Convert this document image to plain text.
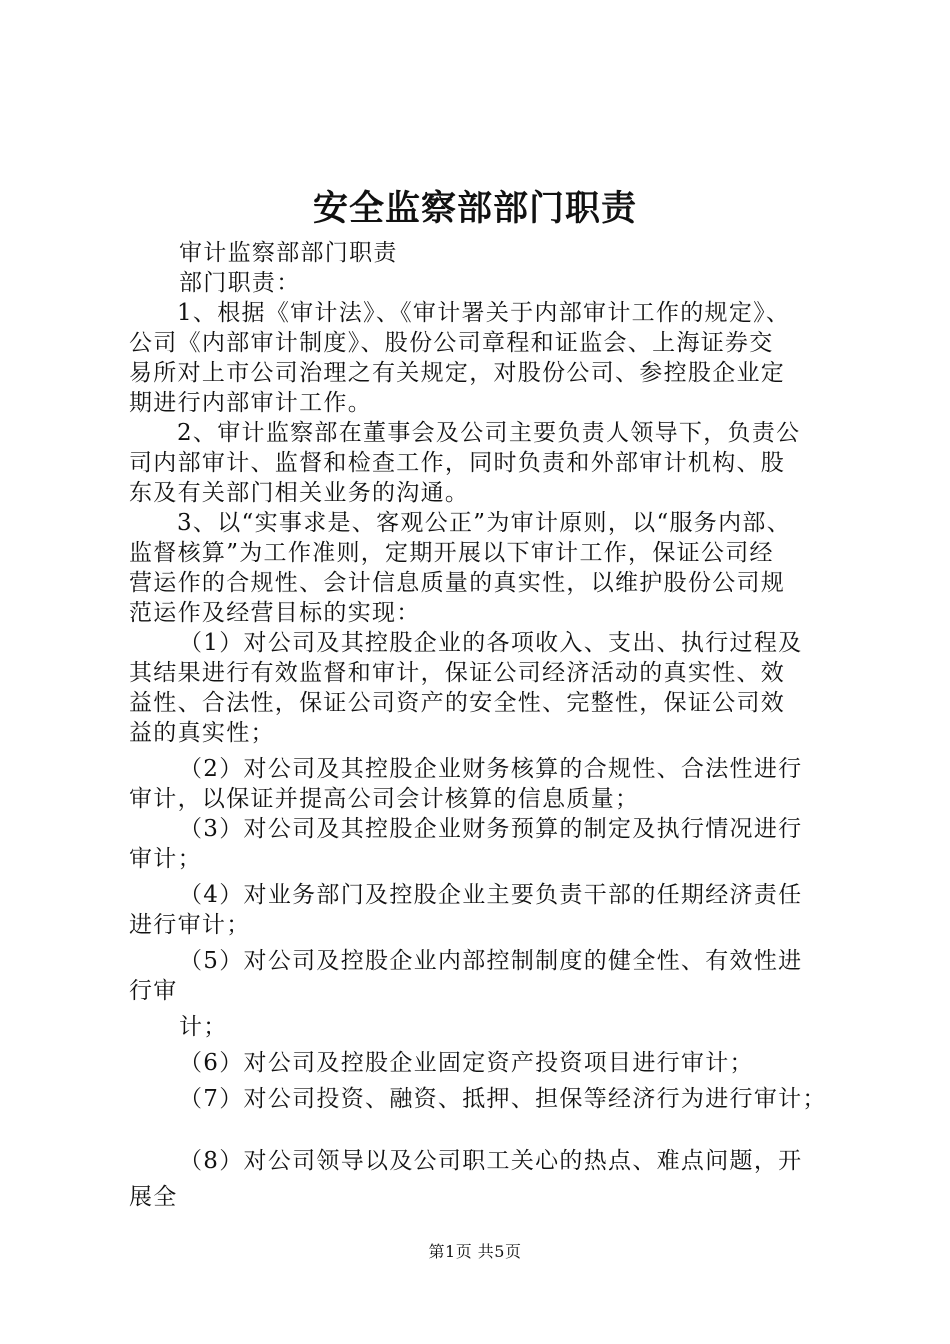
安全监察部部门职责
审计监察部部门职责
部门职责：
1、根据《审计法》、《审计署关于内部审计工作的规定》、
公司《内部审计制度》、股份公司章程和证监会、上海证券交
易所对上市公司治理之有关规定，对股份公司、参控股企业定
期进行内部审计工作。
2、审计监察部在董事会及公司主要负责人领导下，负责公
司内部审计、监督和检查工作，同时负责和外部审计机构、股
东及有关部门相关业务的沟通。
3、以“实事求是、客观公正”为审计原则，以“服务内部、
监督核算”为工作准则，定期开展以下审计工作，保证公司经
营运作的合规性、会计信息质量的真实性，以维护股份公司规
范运作及经营目标的实现：
（1）对公司及其控股企业的各项收入、支出、执行过程及
其结果进行有效监督和审计，保证公司经济活动的真实性、效
益性、合法性，保证公司资产的安全性、完整性，保证公司效
益的真实性；
（2）对公司及其控股企业财务核算的合规性、合法性进行
审计，以保证并提高公司会计核算的信息质量；
（3）对公司及其控股企业财务预算的制定及执行情况进行
审计；
（4）对业务部门及控股企业主要负责干部的任期经济责任
进行审计；
（5）对公司及控股企业内部控制制度的健全性、有效性进
行审
计；
（6）对公司及控股企业固定资产投资项目进行审计；
（7）对公司投资、融资、抵押、担保等经济行为进行审计；
（8）对公司领导以及公司职工关心的热点、难点问题，开
展全
第1页 共5页
